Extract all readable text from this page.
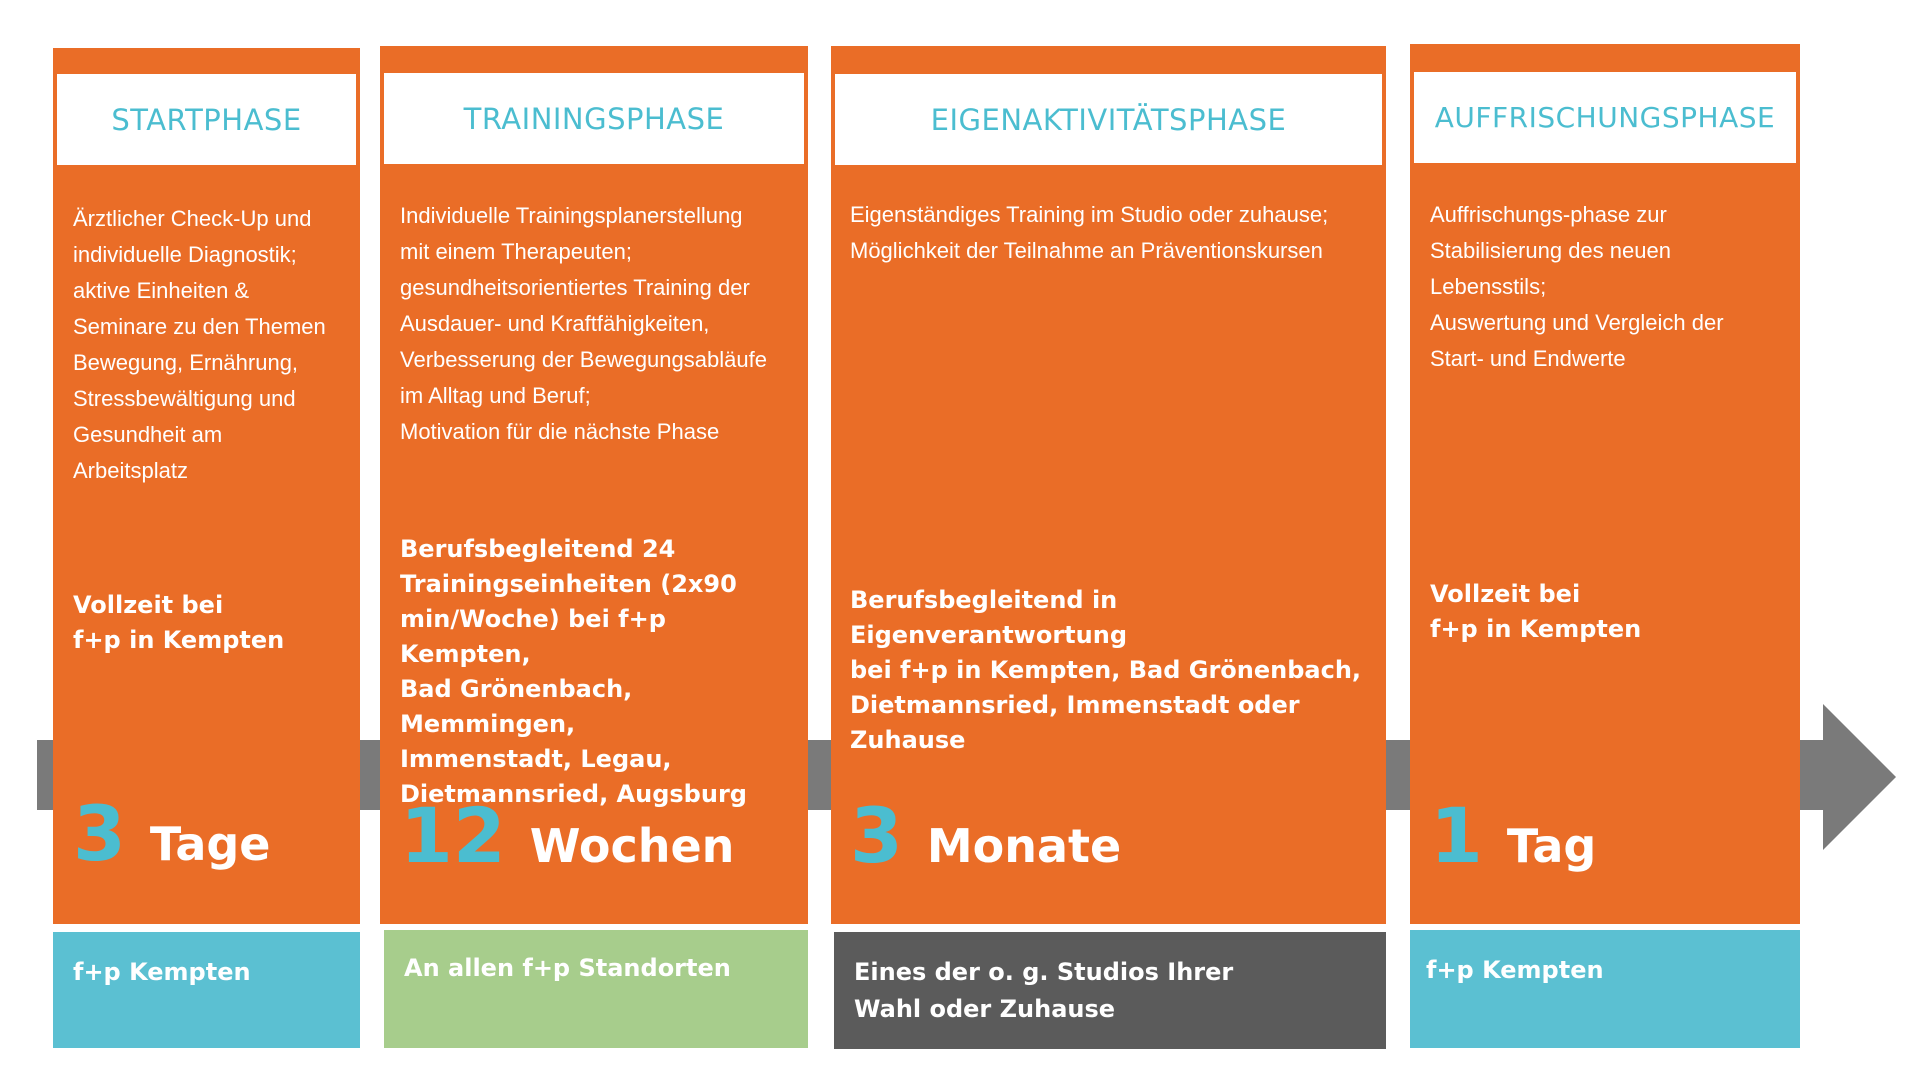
STARTPHASE
Ärztlicher Check-Up und
individuelle Diagnostik;
aktive Einheiten &
Seminare zu den Themen
Bewegung, Ernährung,
Stressbewältigung und
Gesundheit am
Arbeitsplatz
Vollzeit bei
f+p in Kempten
3 Tage
f+p Kempten
TRAININGSPHASE
Individuelle Trainingsplanerstellung
mit einem Therapeuten;
gesundheitsorientiertes Training der
Ausdauer- und Kraftfähigkeiten,
Verbesserung der Bewegungsabläufe
im Alltag und Beruf;
Motivation für die nächste Phase
Berufsbegleitend 24
Trainingseinheiten (2x90
min/Woche) bei f+p Kempten,
Bad Grönenbach, Memmingen,
Immenstadt, Legau,
Dietmannsried, Augsburg
12 Wochen
An allen f+p Standorten
EIGENAKTIVITÄTSPHASE
Eigenständiges Training im Studio oder zuhause;
Möglichkeit der Teilnahme an Präventionskursen
Berufsbegleitend in Eigenverantwortung
bei f+p in Kempten, Bad Grönenbach,
Dietmannsried, Immenstadt oder
Zuhause
3 Monate
Eines der o. g. Studios Ihrer
Wahl oder Zuhause
AUFFRISCHUNGSPHASE
Auffrischungs-phase zur
Stabilisierung des neuen
Lebensstils;
Auswertung und Vergleich der
Start- und Endwerte
Vollzeit bei
f+p in Kempten
1 Tag
f+p Kempten
